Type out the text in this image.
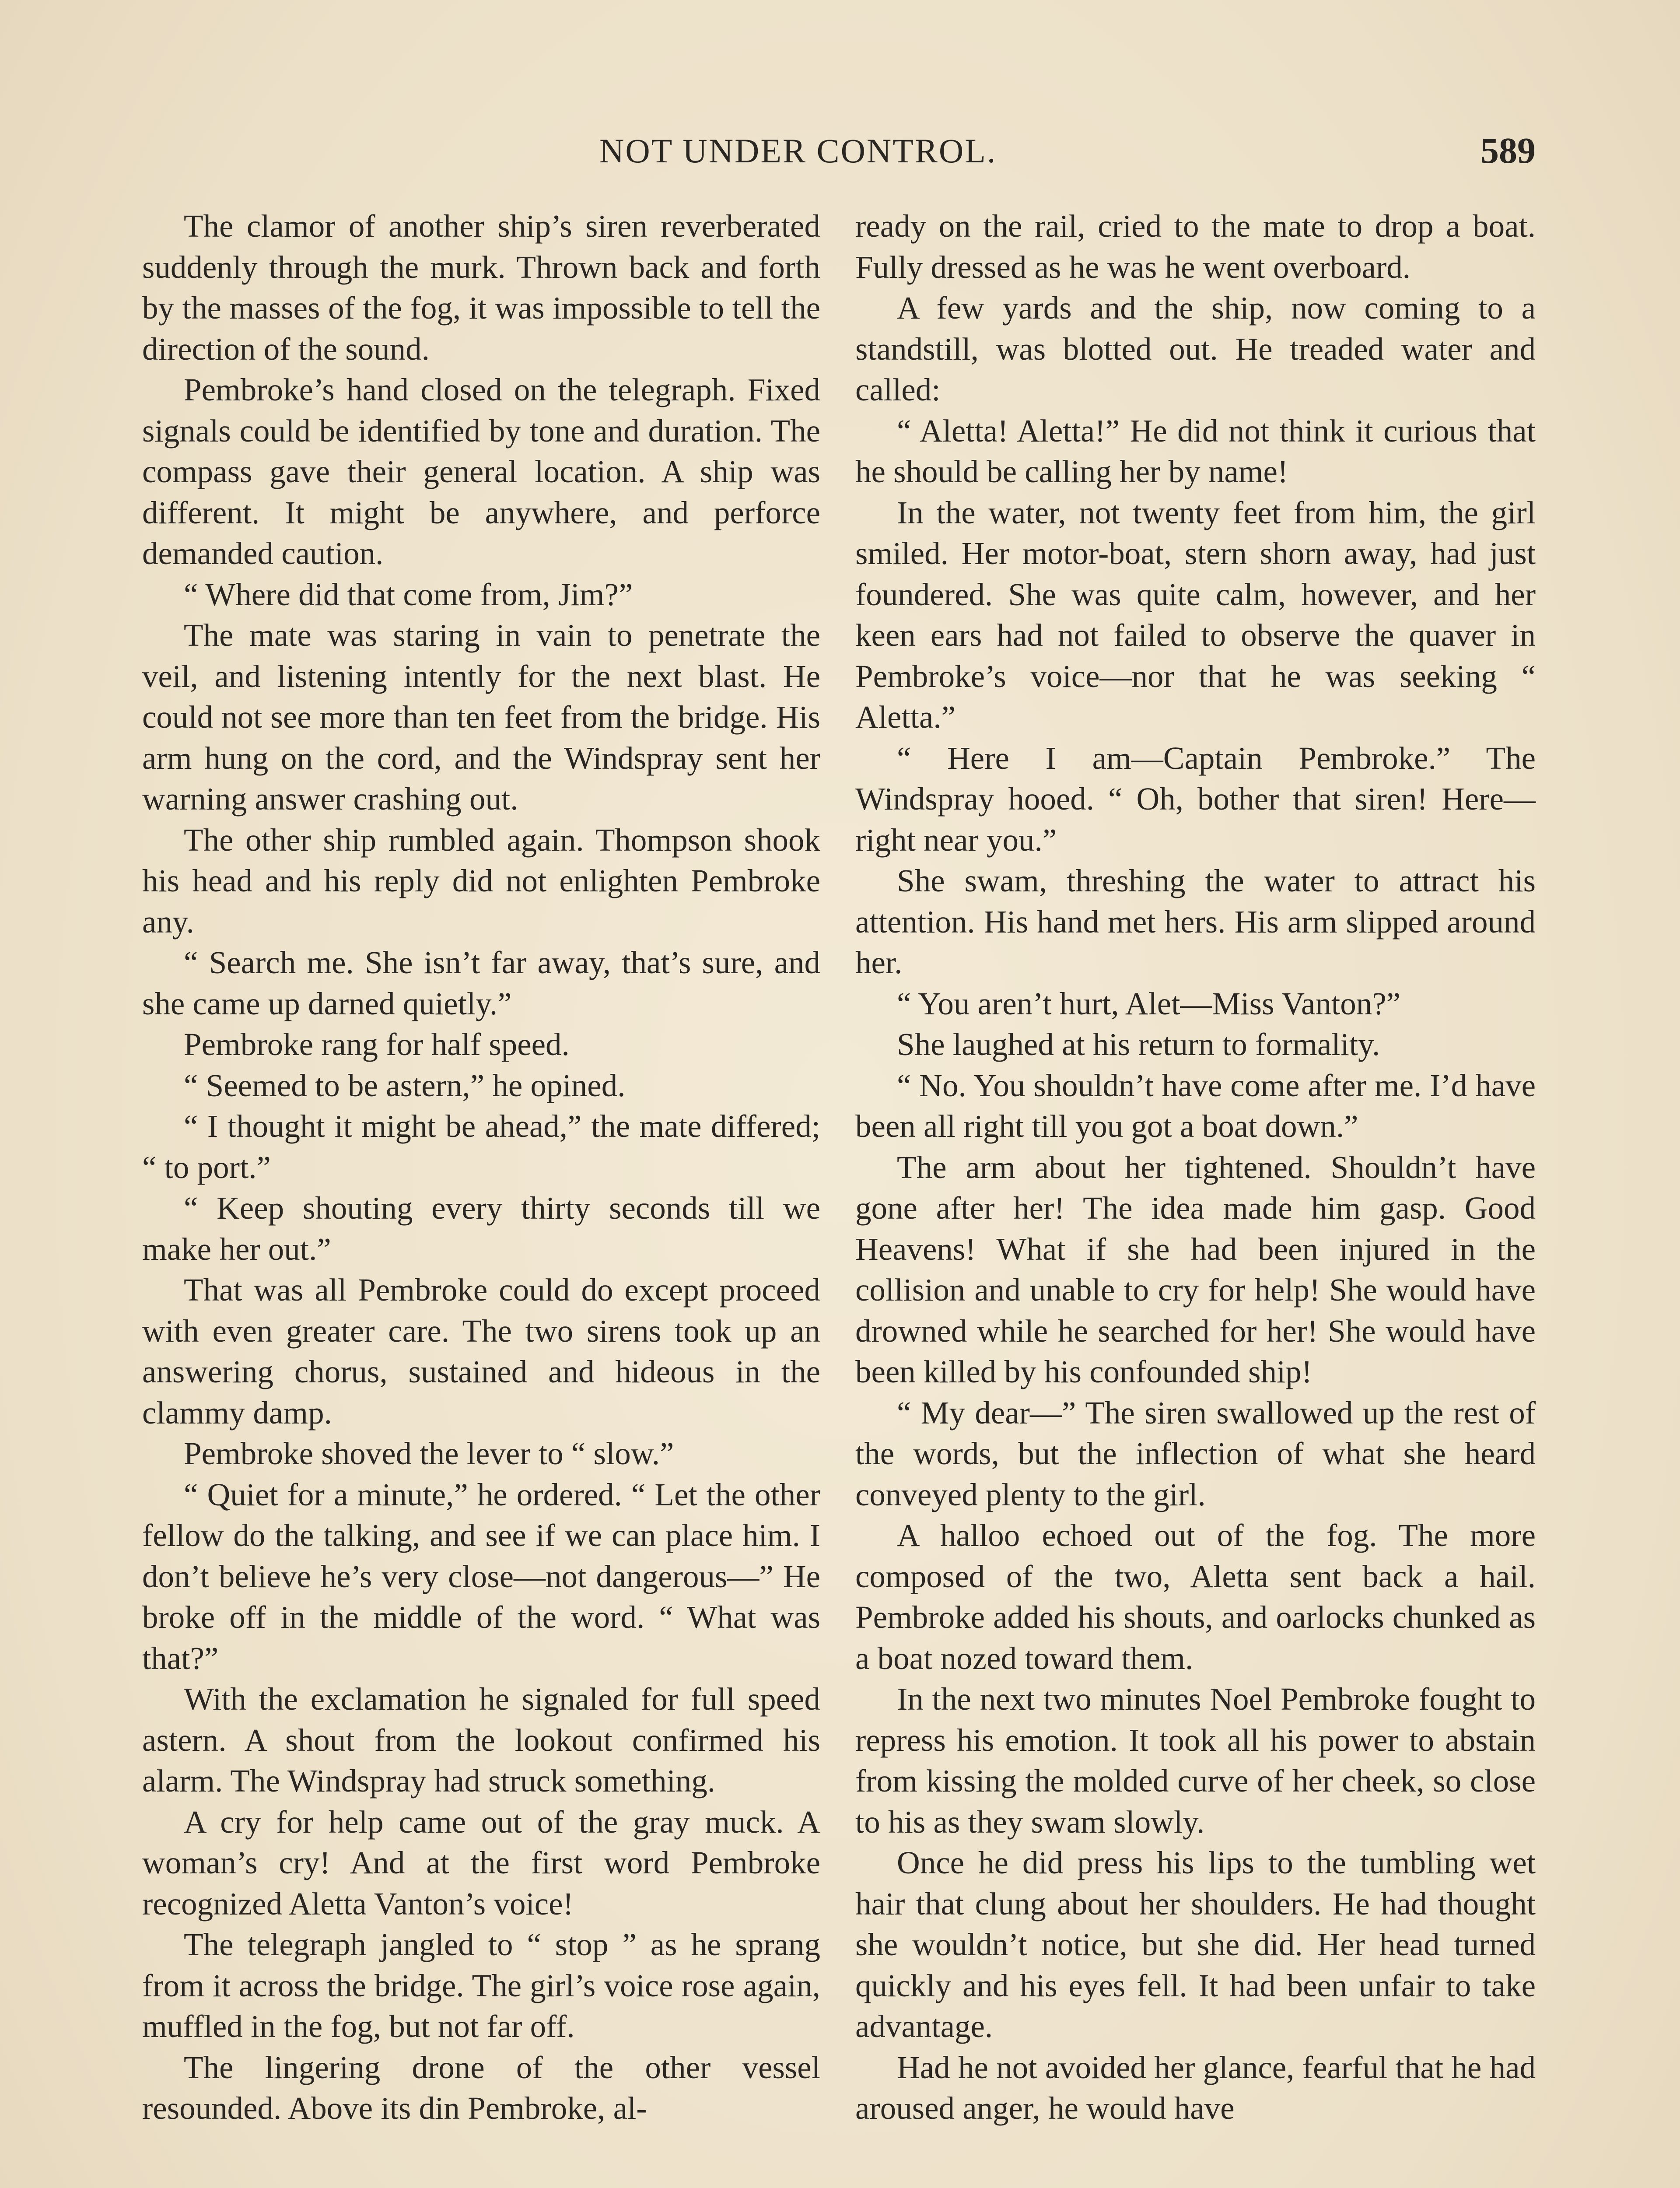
NOT UNDER CONTROL.	589

The clamor of another ship’s siren reverberated suddenly through the murk. Thrown back and forth by the masses of the fog, it was impossible to tell the direction of the sound.

Pembroke’s hand closed on the telegraph. Fixed signals could be identified by tone and duration. The compass gave their general location. A ship was different. It might be anywhere, and perforce demanded caution.

“ Where did that come from, Jim?”

The mate was staring in vain to penetrate the veil, and listening intently for the next blast. He could not see more than ten feet from the bridge. His arm hung on the cord, and the Windspray sent her warning answer crashing out.

The other ship rumbled again. Thompson shook his head and his reply did not enlighten Pembroke any.

“ Search me. She isn’t far away, that’s sure, and she came up darned quietly.”

Pembroke rang for half speed.

“ Seemed to be astern,” he opined.

“ I thought it might be ahead,” the mate differed; “ to port.”

“ Keep shouting every thirty seconds till we make her out.”

That was all Pembroke could do except proceed with even greater care. The two sirens took up an answering chorus, sustained and hideous in the clammy damp.

Pembroke shoved the lever to “ slow.”

“ Quiet for a minute,” he ordered. “ Let the other fellow do the talking, and see if we can place him. I don’t believe he’s very close—not dangerous—” He broke off in the middle of the word. “ What was that?”

With the exclamation he signaled for full speed astern. A shout from the lookout confirmed his alarm. The Windspray had struck something.

A cry for help came out of the gray muck. A woman’s cry! And at the first word Pembroke recognized Aletta Vanton’s voice!

The telegraph jangled to “ stop ” as he sprang from it across the bridge. The girl’s voice rose again, muffled in the fog, but not far off.

The lingering drone of the other vessel resounded. Above its din Pembroke, al-

ready on the rail, cried to the mate to drop a boat. Fully dressed as he was he went overboard.

A few yards and the ship, now coming to a standstill, was blotted out. He treaded water and called:

“ Aletta! Aletta!” He did not think it curious that he should be calling her by name!

In the water, not twenty feet from him, the girl smiled. Her motor-boat, stern shorn away, had just foundered. She was quite calm, however, and her keen ears had not failed to observe the quaver in Pembroke’s voice—nor that he was seeking “ Aletta.”

“ Here I am—Captain Pembroke.” The Windspray hooed. “ Oh, bother that siren! Here—right near you.”

She swam, threshing the water to attract his attention. His hand met hers. His arm slipped around her.

“ You aren’t hurt, Alet—Miss Vanton?”

She laughed at his return to formality.

“ No. You shouldn’t have come after me. I’d have been all right till you got a boat down.”

The arm about her tightened. Shouldn’t have gone after her! The idea made him gasp. Good Heavens! What if she had been injured in the collision and unable to cry for help! She would have drowned while he searched for her! She would have been killed by his confounded ship!

“ My dear—” The siren swallowed up the rest of the words, but the inflection of what she heard conveyed plenty to the girl.

A halloo echoed out of the fog. The more composed of the two, Aletta sent back a hail. Pembroke added his shouts, and oarlocks chunked as a boat nozed toward them.

In the next two minutes Noel Pembroke fought to repress his emotion. It took all his power to abstain from kissing the molded curve of her cheek, so close to his as they swam slowly.

Once he did press his lips to the tumbling wet hair that clung about her shoulders. He had thought she wouldn’t notice, but she did. Her head turned quickly and his eyes fell. It had been unfair to take advantage.

Had he not avoided her glance, fearful that he had aroused anger, he would have
